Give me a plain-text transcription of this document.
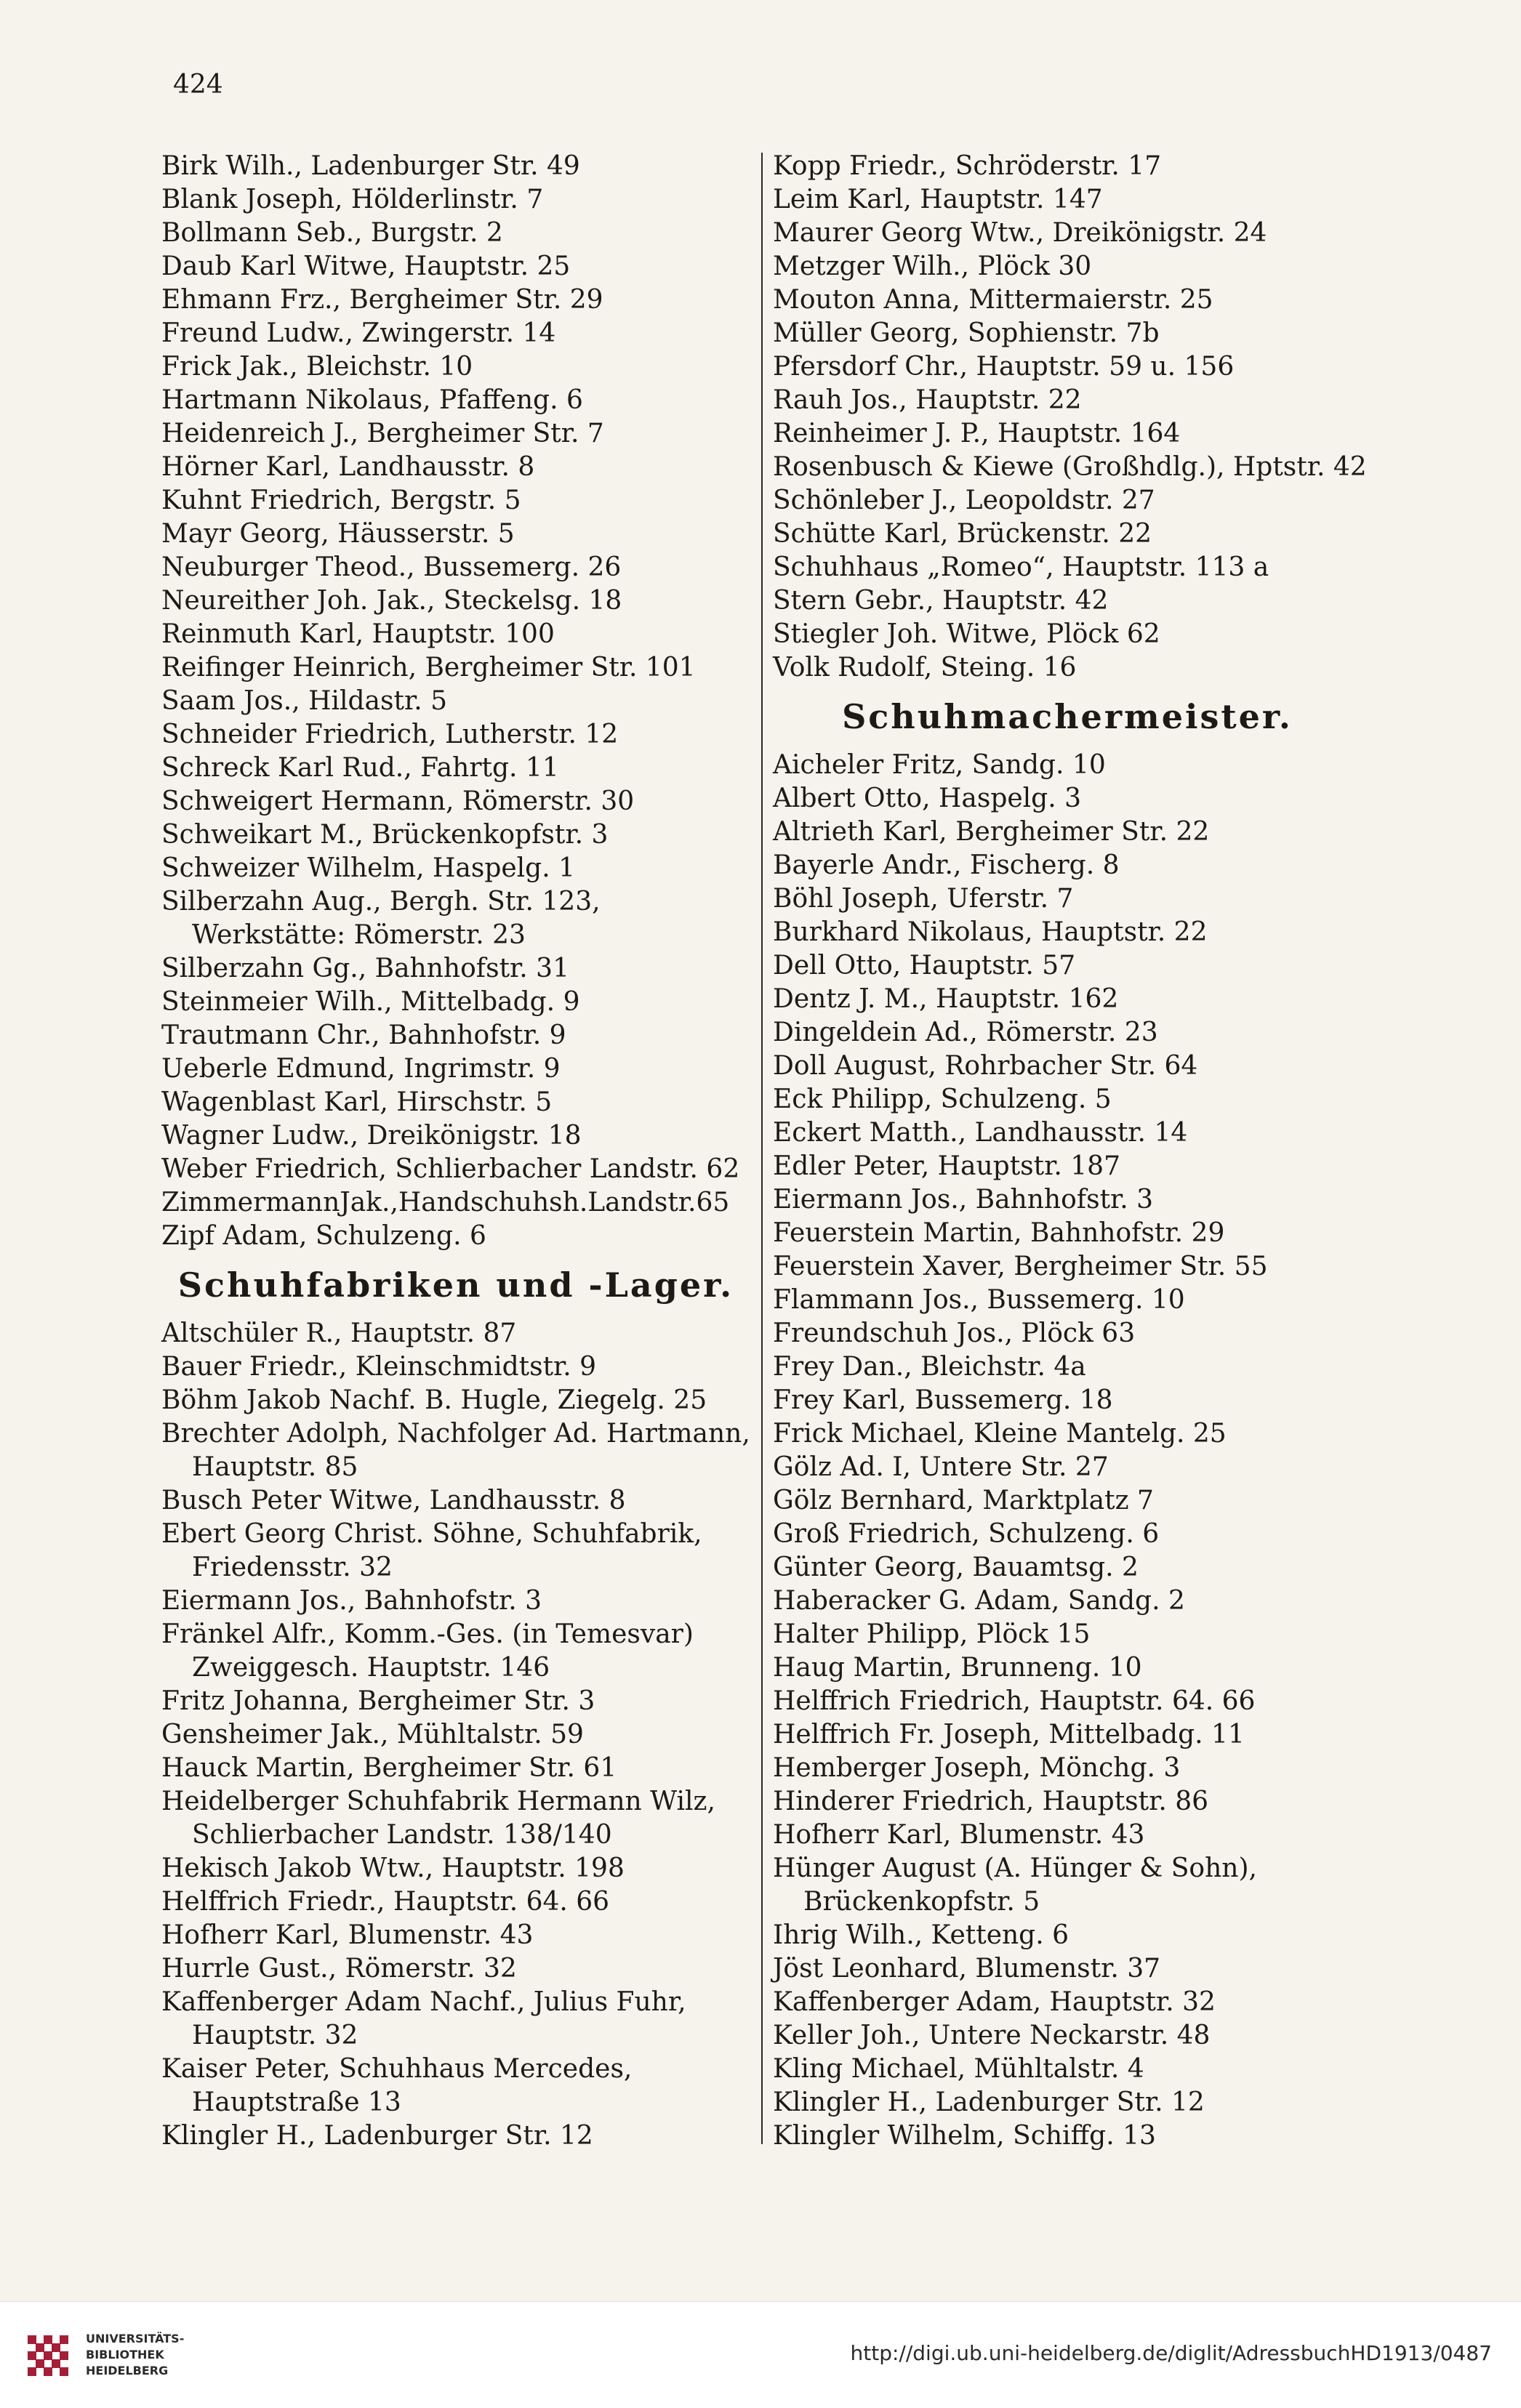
424
Birk Wilh., Ladenburger Str. 49
Blank Joseph, Hölderlinstr. 7
Bollmann Seb., Burgstr. 2
Daub Karl Witwe, Hauptstr. 25
Ehmann Frz., Bergheimer Str. 29
Freund Ludw., Zwingerstr. 14
Frick Jak., Bleichstr. 10
Hartmann Nikolaus, Pfaffeng. 6
Heidenreich J., Bergheimer Str. 7
Hörner Karl, Landhausstr. 8
Kuhnt Friedrich, Bergstr. 5
Mayr Georg, Häusserstr. 5
Neuburger Theod., Bussemerg. 26
Neureither Joh. Jak., Steckelsg. 18
Reinmuth Karl, Hauptstr. 100
Reifinger Heinrich, Bergheimer Str. 101
Saam Jos., Hildastr. 5
Schneider Friedrich, Lutherstr. 12
Schreck Karl Rud., Fahrtg. 11
Schweigert Hermann, Römerstr. 30
Schweikart M., Brückenkopfstr. 3
Schweizer Wilhelm, Haspelg. 1
Silberzahn Aug., Bergh. Str. 123, Werkstätte: Römerstr. 23
Silberzahn Gg., Bahnhofstr. 31
Steinmeier Wilh., Mittelbadg. 9
Trautmann Chr., Bahnhofstr. 9
Ueberle Edmund, Ingrimstr. 9
Wagenblast Karl, Hirschstr. 5
Wagner Ludw., Dreikönigstr. 18
Weber Friedrich, Schlierbacher Landstr. 62
ZimmermannJak.,Handschuhsh.Landstr.65
Zipf Adam, Schulzeng. 6
Schuhfabriken und -Lager.
Altschüler R., Hauptstr. 87
Bauer Friedr., Kleinschmidtstr. 9
Böhm Jakob Nachf. B. Hugle, Ziegelg. 25
Brechter Adolph, Nachfolger Ad. Hartmann, Hauptstr. 85
Busch Peter Witwe, Landhausstr. 8
Ebert Georg Christ. Söhne, Schuhfabrik, Friedensstr. 32
Eiermann Jos., Bahnhofstr. 3
Fränkel Alfr., Komm.-Ges. (in Temesvar) Zweiggesch. Hauptstr. 146
Fritz Johanna, Bergheimer Str. 3
Gensheimer Jak., Mühltalstr. 59
Hauck Martin, Bergheimer Str. 61
Heidelberger Schuhfabrik Hermann Wilz, Schlierbacher Landstr. 138/140
Hekisch Jakob Wtw., Hauptstr. 198
Helffrich Friedr., Hauptstr. 64. 66
Hofherr Karl, Blumenstr. 43
Hurrle Gust., Römerstr. 32
Kaffenberger Adam Nachf., Julius Fuhr, Hauptstr. 32
Kaiser Peter, Schuhhaus Mercedes, Hauptstraße 13
Klingler H., Ladenburger Str. 12
Kopp Friedr., Schröderstr. 17
Leim Karl, Hauptstr. 147
Maurer Georg Wtw., Dreikönigstr. 24
Metzger Wilh., Plöck 30
Mouton Anna, Mittermaierstr. 25
Müller Georg, Sophienstr. 7b
Pfersdorf Chr., Hauptstr. 59 u. 156
Rauh Jos., Hauptstr. 22
Reinheimer J. P., Hauptstr. 164
Rosenbusch & Kiewe (Großhdlg.), Hptstr. 42
Schönleber J., Leopoldstr. 27
Schütte Karl, Brückenstr. 22
Schuhhaus „Romeo“, Hauptstr. 113 a
Stern Gebr., Hauptstr. 42
Stiegler Joh. Witwe, Plöck 62
Volk Rudolf, Steing. 16
Schuhmachermeister.
Aicheler Fritz, Sandg. 10
Albert Otto, Haspelg. 3
Altrieth Karl, Bergheimer Str. 22
Bayerle Andr., Fischerg. 8
Böhl Joseph, Uferstr. 7
Burkhard Nikolaus, Hauptstr. 22
Dell Otto, Hauptstr. 57
Dentz J. M., Hauptstr. 162
Dingeldein Ad., Römerstr. 23
Doll August, Rohrbacher Str. 64
Eck Philipp, Schulzeng. 5
Eckert Matth., Landhausstr. 14
Edler Peter, Hauptstr. 187
Eiermann Jos., Bahnhofstr. 3
Feuerstein Martin, Bahnhofstr. 29
Feuerstein Xaver, Bergheimer Str. 55
Flammann Jos., Bussemerg. 10
Freundschuh Jos., Plöck 63
Frey Dan., Bleichstr. 4a
Frey Karl, Bussemerg. 18
Frick Michael, Kleine Mantelg. 25
Gölz Ad. I, Untere Str. 27
Gölz Bernhard, Marktplatz 7
Groß Friedrich, Schulzeng. 6
Günter Georg, Bauamtsg. 2
Haberacker G. Adam, Sandg. 2
Halter Philipp, Plöck 15
Haug Martin, Brunneng. 10
Helffrich Friedrich, Hauptstr. 64. 66
Helffrich Fr. Joseph, Mittelbadg. 11
Hemberger Joseph, Mönchg. 3
Hinderer Friedrich, Hauptstr. 86
Hofherr Karl, Blumenstr. 43
Hünger August (A. Hünger & Sohn), Brückenkopfstr. 5
Ihrig Wilh., Ketteng. 6
Jöst Leonhard, Blumenstr. 37
Kaffenberger Adam, Hauptstr. 32
Keller Joh., Untere Neckarstr. 48
Kling Michael, Mühltalstr. 4
Klingler H., Ladenburger Str. 12
Klingler Wilhelm, Schiffg. 13
UNIVERSITÄTS-
BIBLIOTHEK
HEIDELBERG
http://digi.ub.uni-heidelberg.de/diglit/AdressbuchHD1913/0487
